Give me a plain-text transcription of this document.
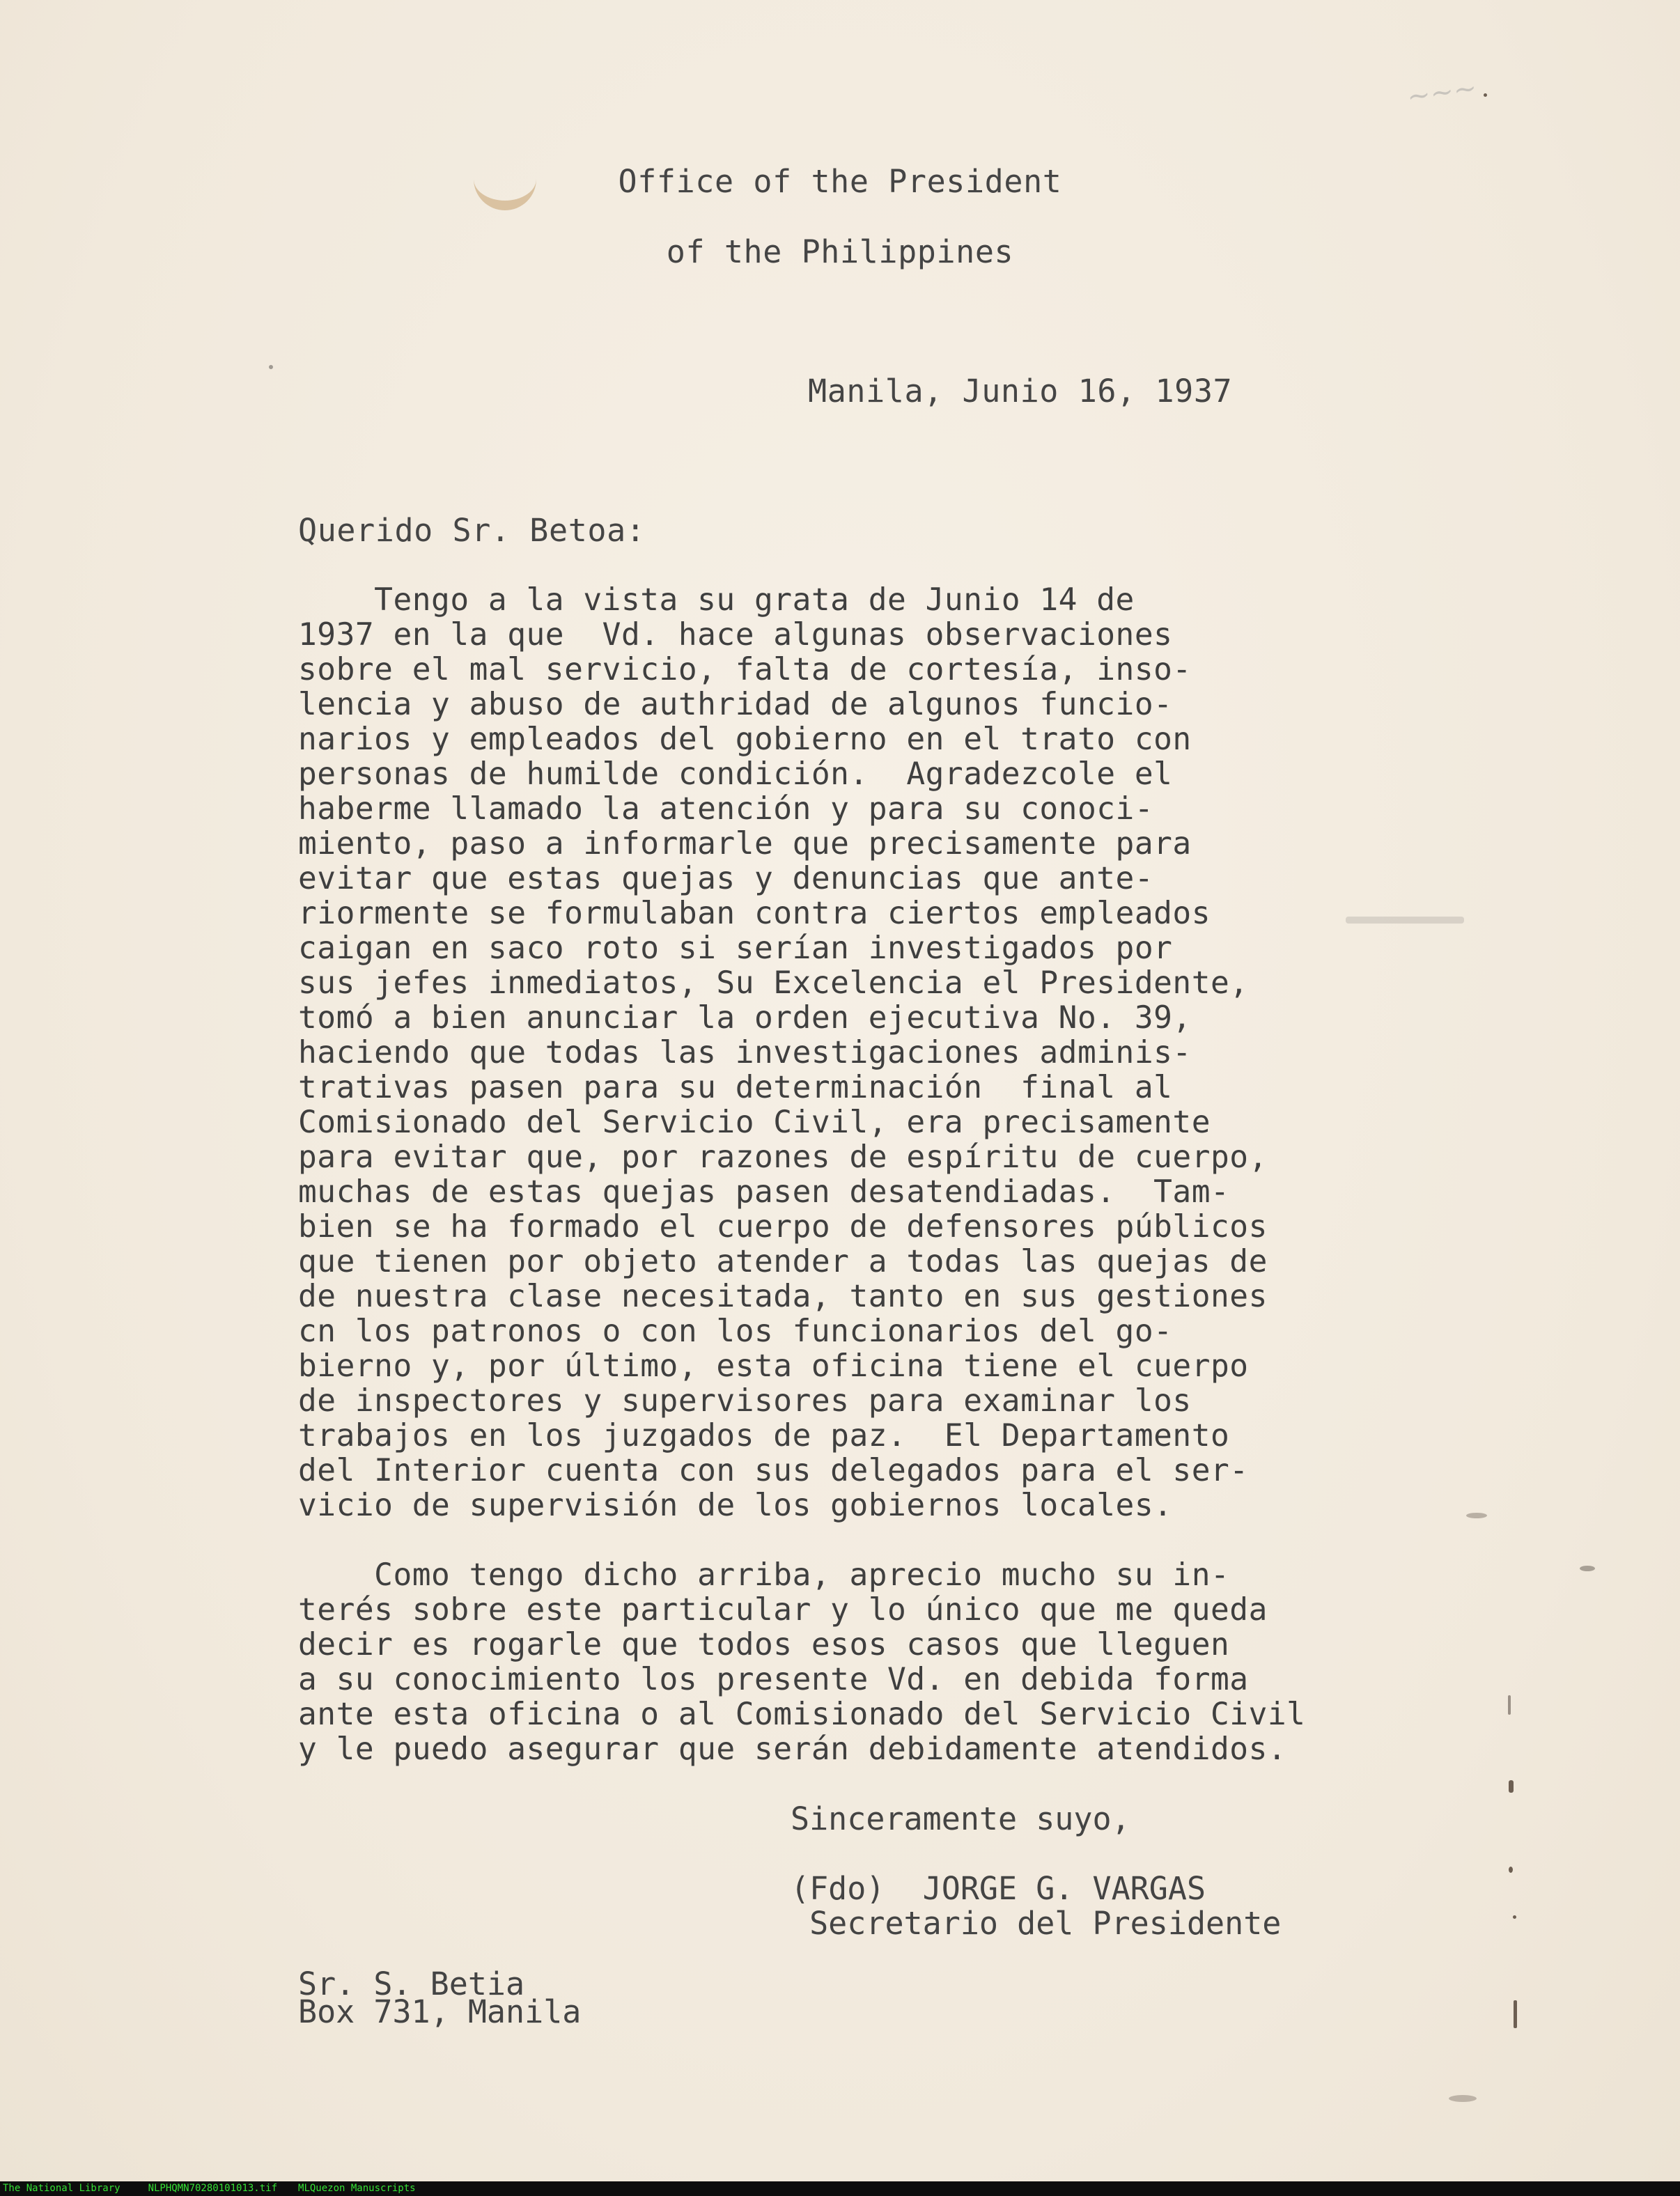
~~~
Office of the President
of the Philippines
Manila, Junio 16, 1937
Querido Sr. Betoa:
Tengo a la vista su grata de Junio 14 de
1937 en la que  Vd. hace algunas observaciones
sobre el mal servicio, falta de cortesía, inso-
lencia y abuso de authridad de algunos funcio-
narios y empleados del gobierno en el trato con
personas de humilde condición.  Agradezcole el
haberme llamado la atención y para su conoci-
miento, paso a informarle que precisamente para
evitar que estas quejas y denuncias que ante-
riormente se formulaban contra ciertos empleados
caigan en saco roto si serían investigados por
sus jefes inmediatos, Su Excelencia el Presidente,
tomó a bien anunciar la orden ejecutiva No. 39,
haciendo que todas las investigaciones adminis-
trativas pasen para su determinación  final al
Comisionado del Servicio Civil, era precisamente
para evitar que, por razones de espíritu de cuerpo,
muchas de estas quejas pasen desatendiadas.  Tam-
bien se ha formado el cuerpo de defensores públicos
que tienen por objeto atender a todas las quejas de
de nuestra clase necesitada, tanto en sus gestiones
cn los patronos o con los funcionarios del go-
bierno y, por último, esta oficina tiene el cuerpo
de inspectores y supervisores para examinar los
trabajos en los juzgados de paz.  El Departamento
del Interior cuenta con sus delegados para el ser-
vicio de supervisión de los gobiernos locales.
Como tengo dicho arriba, aprecio mucho su in-
terés sobre este particular y lo único que me queda
decir es rogarle que todos esos casos que lleguen
a su conocimiento los presente Vd. en debida forma
ante esta oficina o al Comisionado del Servicio Civil
y le puedo asegurar que serán debidamente atendidos.
Sinceramente suyo,
(Fdo)  JORGE G. VARGAS
Secretario del Presidente
Sr. S. Betia
Box 731, Manila
The National Library	NLPHQMN70280101013.tif MLQuezon Manuscripts
